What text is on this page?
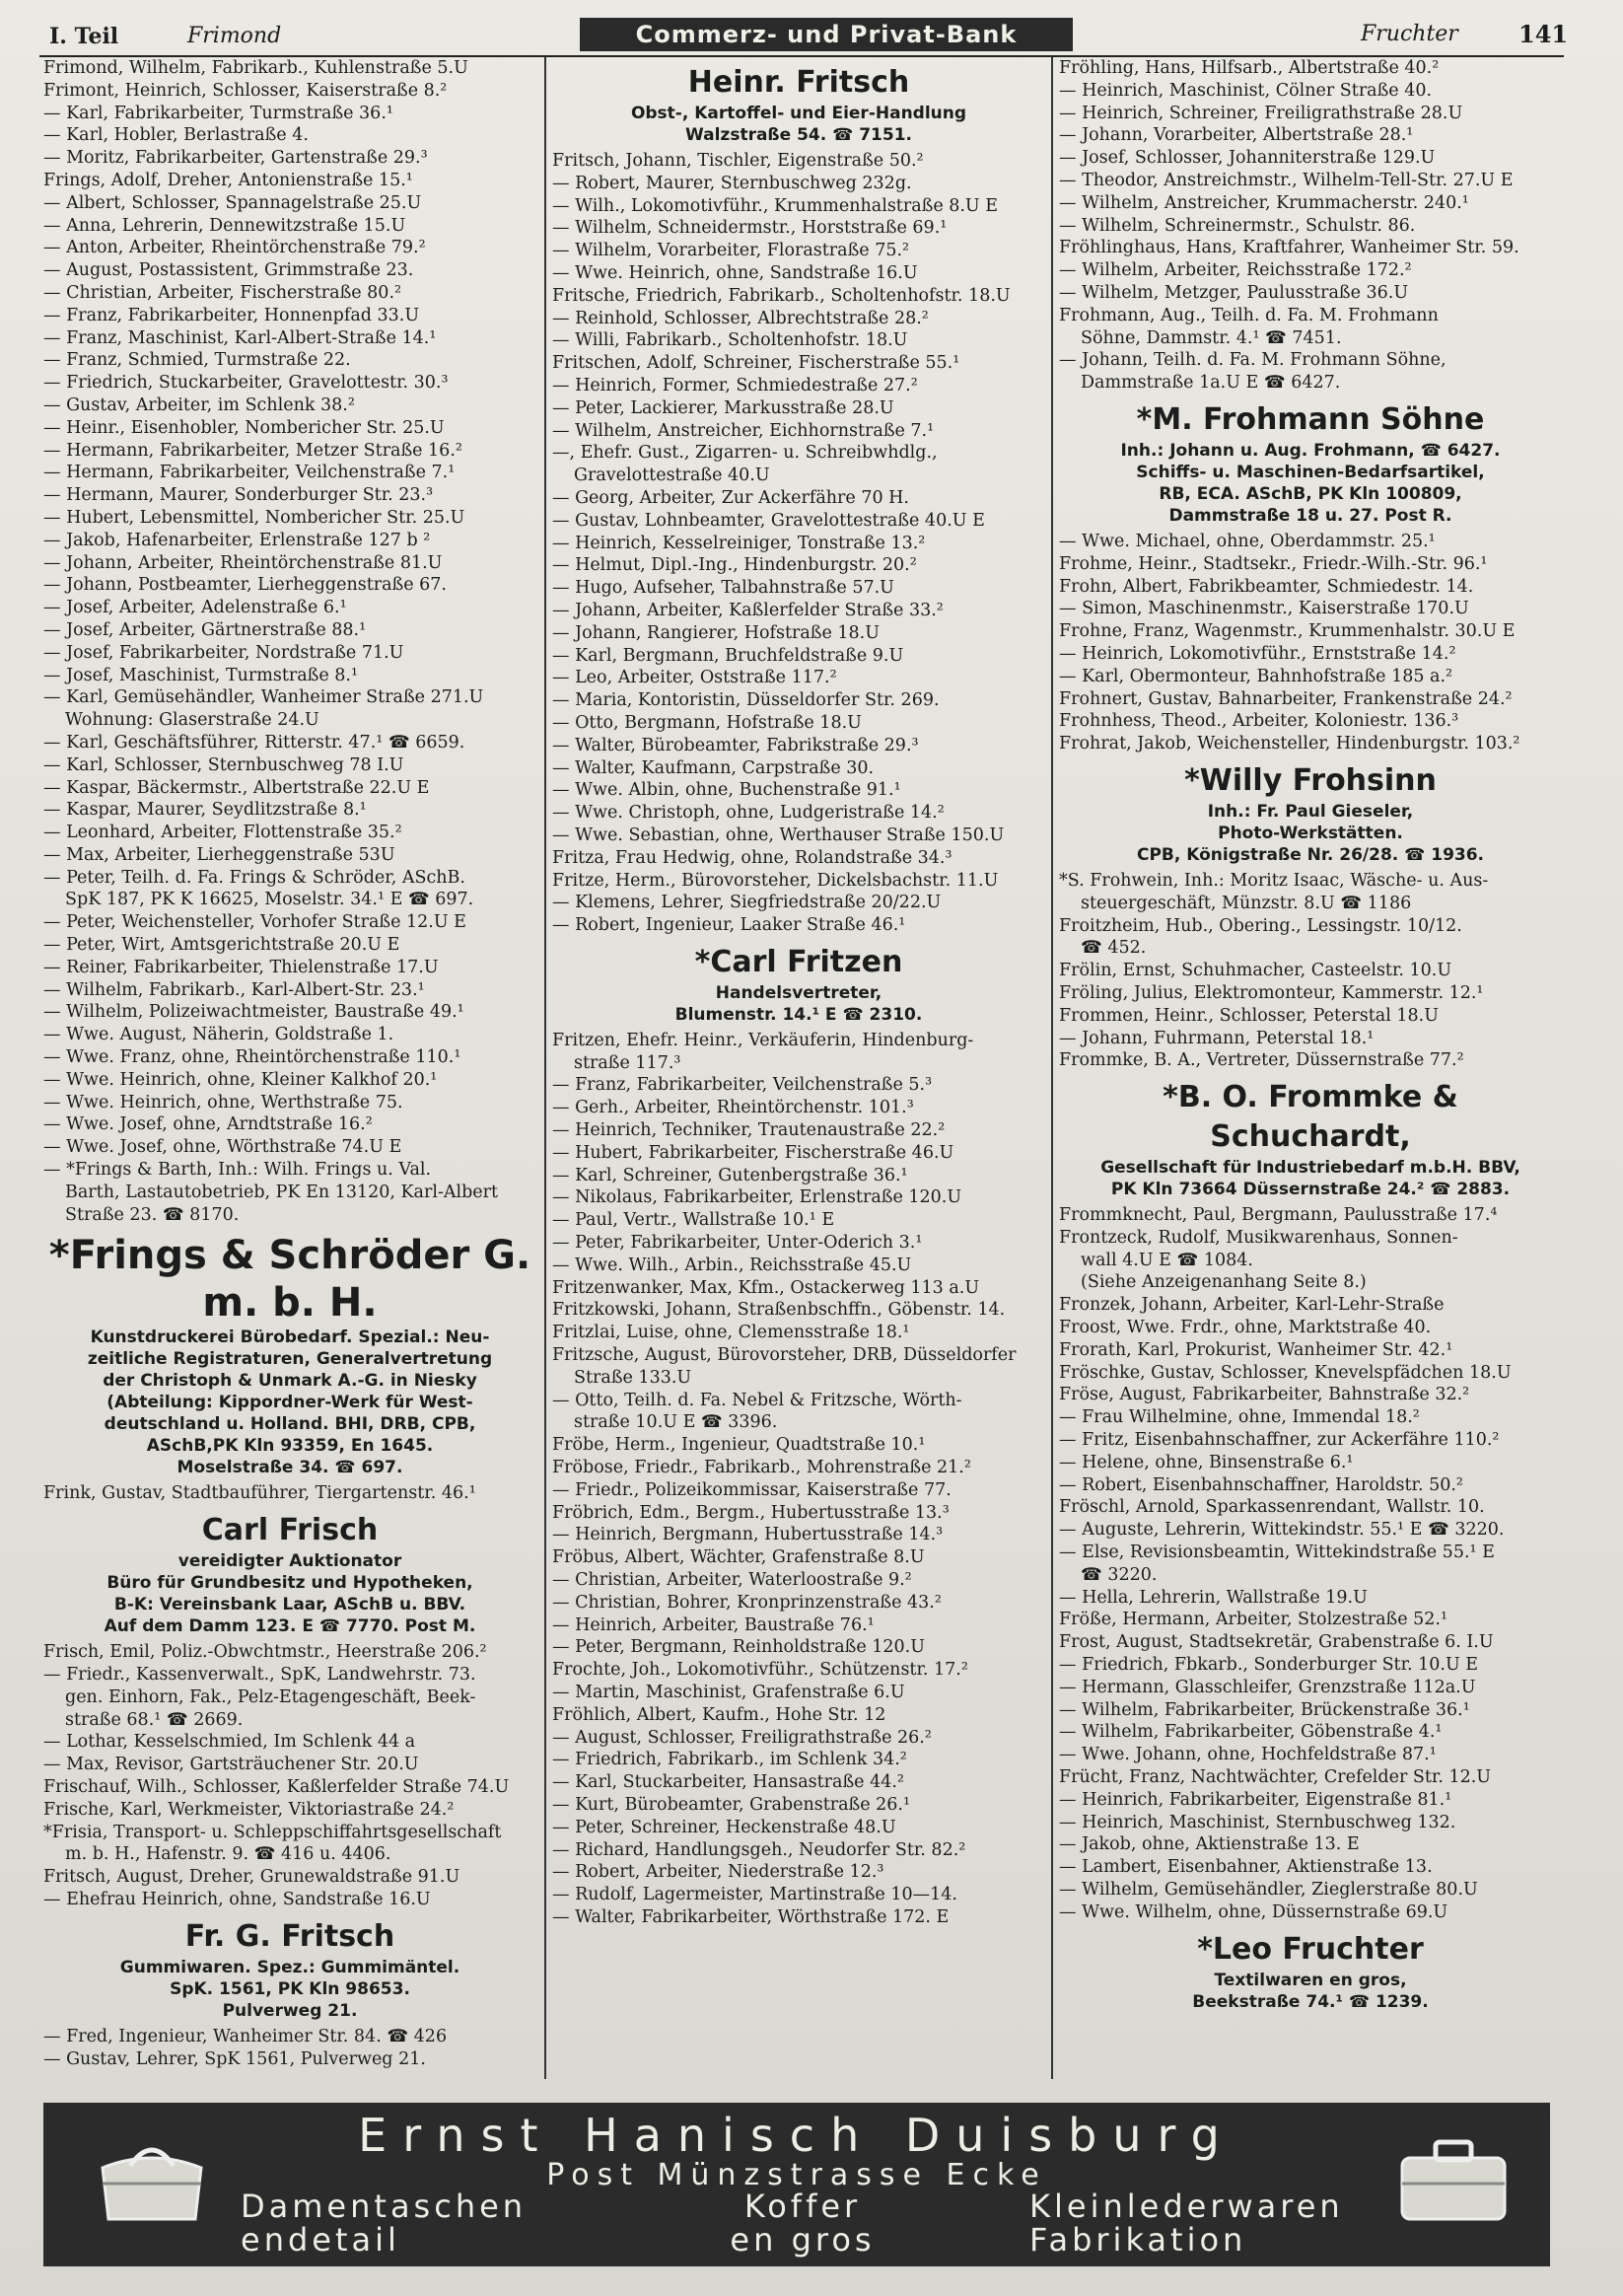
I. Teil	Frimond	Commerz- und Privat-Bank	Fruchter	141
Frimond, Wilhelm, Fabrikarb., Kuhlenstraße 5.U
Frimont, Heinrich, Schlosser, Kaiserstraße 8.²
— Karl, Fabrikarbeiter, Turmstraße 36.¹
— Karl, Hobler, Berlastraße 4.
— Moritz, Fabrikarbeiter, Gartenstraße 29.³
Frings, Adolf, Dreher, Antonienstraße 15.¹
— Albert, Schlosser, Spannagelstraße 25.U
— Anna, Lehrerin, Dennewitzstraße 15.U
— Anton, Arbeiter, Rheintörchenstraße 79.²
— August, Postassistent, Grimmstraße 23.
— Christian, Arbeiter, Fischerstraße 80.²
— Franz, Fabrikarbeiter, Honnenpfad 33.U
— Franz, Maschinist, Karl-Albert-Straße 14.¹
— Franz, Schmied, Turmstraße 22.
— Friedrich, Stuckarbeiter, Gravelottestr. 30.³
— Gustav, Arbeiter, im Schlenk 38.²
— Heinr., Eisenhobler, Nombericher Str. 25.U
— Hermann, Fabrikarbeiter, Metzer Straße 16.²
— Hermann, Fabrikarbeiter, Veilchenstraße 7.¹
— Hermann, Maurer, Sonderburger Str. 23.³
— Hubert, Lebensmittel, Nombericher Str. 25.U
— Jakob, Hafenarbeiter, Erlenstraße 127 b ²
— Johann, Arbeiter, Rheintörchenstraße 81.U
— Johann, Postbeamter, Lierheggenstraße 67.
— Josef, Arbeiter, Adelenstraße 6.¹
— Josef, Arbeiter, Gärtnerstraße 88.¹
— Josef, Fabrikarbeiter, Nordstraße 71.U
— Josef, Maschinist, Turmstraße 8.¹
— Karl, Gemüsehändler, Wanheimer Straße 271.U
Wohnung: Glaserstraße 24.U
— Karl, Geschäftsführer, Ritterstr. 47.¹ ☎ 6659.
— Karl, Schlosser, Sternbuschweg 78 I.U
— Kaspar, Bäckermstr., Albertstraße 22.U E
— Kaspar, Maurer, Seydlitzstraße 8.¹
— Leonhard, Arbeiter, Flottenstraße 35.²
— Max, Arbeiter, Lierheggenstraße 53U
— Peter, Teilh. d. Fa. Frings & Schröder, ASchB.
SpK 187, PK K 16625, Moselstr. 34.¹ E ☎ 697.
— Peter, Weichensteller, Vorhofer Straße 12.U E
— Peter, Wirt, Amtsgerichtstraße 20.U E
— Reiner, Fabrikarbeiter, Thielenstraße 17.U
— Wilhelm, Fabrikarb., Karl-Albert-Str. 23.¹
— Wilhelm, Polizeiwachtmeister, Baustraße 49.¹
— Wwe. August, Näherin, Goldstraße 1.
— Wwe. Franz, ohne, Rheintörchenstraße 110.¹
— Wwe. Heinrich, ohne, Kleiner Kalkhof 20.¹
— Wwe. Heinrich, ohne, Werthstraße 75.
— Wwe. Josef, ohne, Arndtstraße 16.²
— Wwe. Josef, ohne, Wörthstraße 74.U E
— *Frings & Barth, Inh.: Wilh. Frings u. Val.
Barth, Lastautobetrieb, PK En 13120, Karl-Albert
Straße 23. ☎ 8170.
*Frings & Schröder G. m. b. H.
Kunstdruckerei Bürobedarf. Spezial.: Neu-
zeitliche Registraturen, Generalvertretung
der Christoph & Unmark A.-G. in Niesky
(Abteilung: Kippordner-Werk für West-
deutschland u. Holland. BHI, DRB, CPB,
ASchB,PK Kln 93359, En 1645.
Moselstraße 34. ☎ 697.
Frink, Gustav, Stadtbauführer, Tiergartenstr. 46.¹
Carl Frisch
vereidigter Auktionator
Büro für Grundbesitz und Hypotheken,
B-K: Vereinsbank Laar, ASchB u. BBV.
Auf dem Damm 123. E ☎ 7770. Post M.
Frisch, Emil, Poliz.-Obwchtmstr., Heerstraße 206.²
— Friedr., Kassenverwalt., SpK, Landwehrstr. 73.
gen. Einhorn, Fak., Pelz-Etagengeschäft, Beek-
straße 68.¹ ☎ 2669.
— Lothar, Kesselschmied, Im Schlenk 44 a
— Max, Revisor, Gartsträuchener Str. 20.U
Frischauf, Wilh., Schlosser, Kaßlerfelder Straße 74.U
Frische, Karl, Werkmeister, Viktoriastraße 24.²
*Frisia, Transport- u. Schleppschiffahrtsgesellschaft
m. b. H., Hafenstr. 9. ☎ 416 u. 4406.
Fritsch, August, Dreher, Grunewaldstraße 91.U
— Ehefrau Heinrich, ohne, Sandstraße 16.U
Fr. G. Fritsch
Gummiwaren. Spez.: Gummimäntel.
SpK. 1561, PK Kln 98653.
Pulverweg 21.
— Fred, Ingenieur, Wanheimer Str. 84. ☎ 426
— Gustav, Lehrer, SpK 1561, Pulverweg 21.
Heinr. Fritsch
Obst-, Kartoffel- und Eier-Handlung
Walzstraße 54. ☎ 7151.
Fritsch, Johann, Tischler, Eigenstraße 50.²
— Robert, Maurer, Sternbuschweg 232g.
— Wilh., Lokomotivführ., Krummenhalstraße 8.U E
— Wilhelm, Schneidermstr., Horststraße 69.¹
— Wilhelm, Vorarbeiter, Florastraße 75.²
— Wwe. Heinrich, ohne, Sandstraße 16.U
Fritsche, Friedrich, Fabrikarb., Scholtenhofstr. 18.U
— Reinhold, Schlosser, Albrechtstraße 28.²
— Willi, Fabrikarb., Scholtenhofstr. 18.U
Fritschen, Adolf, Schreiner, Fischerstraße 55.¹
— Heinrich, Former, Schmiedestraße 27.²
— Peter, Lackierer, Markusstraße 28.U
— Wilhelm, Anstreicher, Eichhornstraße 7.¹
—, Ehefr. Gust., Zigarren- u. Schreibwhdlg.,
Gravelottestraße 40.U
— Georg, Arbeiter, Zur Ackerfähre 70 H.
— Gustav, Lohnbeamter, Gravelottestraße 40.U E
— Heinrich, Kesselreiniger, Tonstraße 13.²
— Helmut, Dipl.-Ing., Hindenburgstr. 20.²
— Hugo, Aufseher, Talbahnstraße 57.U
— Johann, Arbeiter, Kaßlerfelder Straße 33.²
— Johann, Rangierer, Hofstraße 18.U
— Karl, Bergmann, Bruchfeldstraße 9.U
— Leo, Arbeiter, Oststraße 117.²
— Maria, Kontoristin, Düsseldorfer Str. 269.
— Otto, Bergmann, Hofstraße 18.U
— Walter, Bürobeamter, Fabrikstraße 29.³
— Walter, Kaufmann, Carpstraße 30.
— Wwe. Albin, ohne, Buchenstraße 91.¹
— Wwe. Christoph, ohne, Ludgeristraße 14.²
— Wwe. Sebastian, ohne, Werthauser Straße 150.U
Fritza, Frau Hedwig, ohne, Rolandstraße 34.³
Fritze, Herm., Bürovorsteher, Dickelsbachstr. 11.U
— Klemens, Lehrer, Siegfriedstraße 20/22.U
— Robert, Ingenieur, Laaker Straße 46.¹
*Carl Fritzen
Handelsvertreter,
Blumenstr. 14.¹ E ☎ 2310.
Fritzen, Ehefr. Heinr., Verkäuferin, Hindenburg-
straße 117.³
— Franz, Fabrikarbeiter, Veilchenstraße 5.³
— Gerh., Arbeiter, Rheintörchenstr. 101.³
— Heinrich, Techniker, Trautenaustraße 22.²
— Hubert, Fabrikarbeiter, Fischerstraße 46.U
— Karl, Schreiner, Gutenbergstraße 36.¹
— Nikolaus, Fabrikarbeiter, Erlenstraße 120.U
— Paul, Vertr., Wallstraße 10.¹ E
— Peter, Fabrikarbeiter, Unter-Oderich 3.¹
— Wwe. Wilh., Arbin., Reichsstraße 45.U
Fritzenwanker, Max, Kfm., Ostackerweg 113 a.U
Fritzkowski, Johann, Straßenbschffn., Göbenstr. 14.
Fritzlai, Luise, ohne, Clemensstraße 18.¹
Fritzsche, August, Bürovorsteher, DRB, Düsseldorfer
Straße 133.U
— Otto, Teilh. d. Fa. Nebel & Fritzsche, Wörth-
straße 10.U E ☎ 3396.
Fröbe, Herm., Ingenieur, Quadtstraße 10.¹
Fröbose, Friedr., Fabrikarb., Mohrenstraße 21.²
— Friedr., Polizeikommissar, Kaiserstraße 77.
Fröbrich, Edm., Bergm., Hubertusstraße 13.³
— Heinrich, Bergmann, Hubertusstraße 14.³
Fröbus, Albert, Wächter, Grafenstraße 8.U
— Christian, Arbeiter, Waterloostraße 9.²
— Christian, Bohrer, Kronprinzenstraße 43.²
— Heinrich, Arbeiter, Baustraße 76.¹
— Peter, Bergmann, Reinholdstraße 120.U
Frochte, Joh., Lokomotivführ., Schützenstr. 17.²
— Martin, Maschinist, Grafenstraße 6.U
Fröhlich, Albert, Kaufm., Hohe Str. 12
— August, Schlosser, Freiligrathstraße 26.²
— Friedrich, Fabrikarb., im Schlenk 34.²
— Karl, Stuckarbeiter, Hansastraße 44.²
— Kurt, Bürobeamter, Grabenstraße 26.¹
— Peter, Schreiner, Heckenstraße 48.U
— Richard, Handlungsgeh., Neudorfer Str. 82.²
— Robert, Arbeiter, Niederstraße 12.³
— Rudolf, Lagermeister, Martinstraße 10—14.
— Walter, Fabrikarbeiter, Wörthstraße 172. E
Fröhling, Hans, Hilfsarb., Albertstraße 40.²
— Heinrich, Maschinist, Cölner Straße 40.
— Heinrich, Schreiner, Freiligrathstraße 28.U
— Johann, Vorarbeiter, Albertstraße 28.¹
— Josef, Schlosser, Johanniterstraße 129.U
— Theodor, Anstreichmstr., Wilhelm-Tell-Str. 27.U E
— Wilhelm, Anstreicher, Krummacherstr. 240.¹
— Wilhelm, Schreinermstr., Schulstr. 86.
Fröhlinghaus, Hans, Kraftfahrer, Wanheimer Str. 59.
— Wilhelm, Arbeiter, Reichsstraße 172.²
— Wilhelm, Metzger, Paulusstraße 36.U
Frohmann, Aug., Teilh. d. Fa. M. Frohmann
Söhne, Dammstr. 4.¹ ☎ 7451.
— Johann, Teilh. d. Fa. M. Frohmann Söhne,
Dammstraße 1a.U E ☎ 6427.
*M. Frohmann Söhne
Inh.: Johann u. Aug. Frohmann, ☎ 6427.
Schiffs- u. Maschinen-Bedarfsartikel,
RB, ECA. ASchB, PK Kln 100809,
Dammstraße 18 u. 27. Post R.
— Wwe. Michael, ohne, Oberdammstr. 25.¹
Frohme, Heinr., Stadtsekr., Friedr.-Wilh.-Str. 96.¹
Frohn, Albert, Fabrikbeamter, Schmiedestr. 14.
— Simon, Maschinenmstr., Kaiserstraße 170.U
Frohne, Franz, Wagenmstr., Krummenhalstr. 30.U E
— Heinrich, Lokomotivführ., Ernststraße 14.²
— Karl, Obermonteur, Bahnhofstraße 185 a.²
Frohnert, Gustav, Bahnarbeiter, Frankenstraße 24.²
Frohnhess, Theod., Arbeiter, Koloniestr. 136.³
Frohrat, Jakob, Weichensteller, Hindenburgstr. 103.²
*Willy Frohsinn
Inh.: Fr. Paul Gieseler,
Photo-Werkstätten.
CPB, Königstraße Nr. 26/28. ☎ 1936.
*S. Frohwein, Inh.: Moritz Isaac, Wäsche- u. Aus-
steuergeschäft, Münzstr. 8.U ☎ 1186
Froitzheim, Hub., Obering., Lessingstr. 10/12.
☎ 452.
Frölin, Ernst, Schuhmacher, Casteelstr. 10.U
Fröling, Julius, Elektromonteur, Kammerstr. 12.¹
Frommen, Heinr., Schlosser, Peterstal 18.U
— Johann, Fuhrmann, Peterstal 18.¹
Frommke, B. A., Vertreter, Düssernstraße 77.²
*B. O. Frommke & Schuchardt,
Gesellschaft für Industriebedarf m.b.H. BBV,
PK Kln 73664 Düssernstraße 24.² ☎ 2883.
Frommknecht, Paul, Bergmann, Paulusstraße 17.⁴
Frontzeck, Rudolf, Musikwarenhaus, Sonnen-
wall 4.U E ☎ 1084.
(Siehe Anzeigenanhang Seite 8.)
Fronzek, Johann, Arbeiter, Karl-Lehr-Straße
Froost, Wwe. Frdr., ohne, Marktstraße 40.
Frorath, Karl, Prokurist, Wanheimer Str. 42.¹
Fröschke, Gustav, Schlosser, Knevelspfädchen 18.U
Fröse, August, Fabrikarbeiter, Bahnstraße 32.²
— Frau Wilhelmine, ohne, Immendal 18.²
— Fritz, Eisenbahnschaffner, zur Ackerfähre 110.²
— Helene, ohne, Binsenstraße 6.¹
— Robert, Eisenbahnschaffner, Haroldstr. 50.²
Fröschl, Arnold, Sparkassenrendant, Wallstr. 10.
— Auguste, Lehrerin, Wittekindstr. 55.¹ E ☎ 3220.
— Else, Revisionsbeamtin, Wittekindstraße 55.¹ E
☎ 3220.
— Hella, Lehrerin, Wallstraße 19.U
Fröße, Hermann, Arbeiter, Stolzestraße 52.¹
Frost, August, Stadtsekretär, Grabenstraße 6. I.U
— Friedrich, Fbkarb., Sonderburger Str. 10.U E
— Hermann, Glasschleifer, Grenzstraße 112a.U
— Wilhelm, Fabrikarbeiter, Brückenstraße 36.¹
— Wilhelm, Fabrikarbeiter, Göbenstraße 4.¹
— Wwe. Johann, ohne, Hochfeldstraße 87.¹
Frücht, Franz, Nachtwächter, Crefelder Str. 12.U
— Heinrich, Fabrikarbeiter, Eigenstraße 81.¹
— Heinrich, Maschinist, Sternbuschweg 132.
— Jakob, ohne, Aktienstraße 13. E
— Lambert, Eisenbahner, Aktienstraße 13.
— Wilhelm, Gemüsehändler, Zieglerstraße 80.U
— Wwe. Wilhelm, ohne, Düssernstraße 69.U
*Leo Fruchter
Textilwaren en gros,
Beekstraße 74.¹ ☎ 1239.
Ernst Hanisch Duisburg
Post Münzstrasse Ecke
Damentaschen
endetail
Koffer
en gros
Kleinlederwaren
Fabrikation
